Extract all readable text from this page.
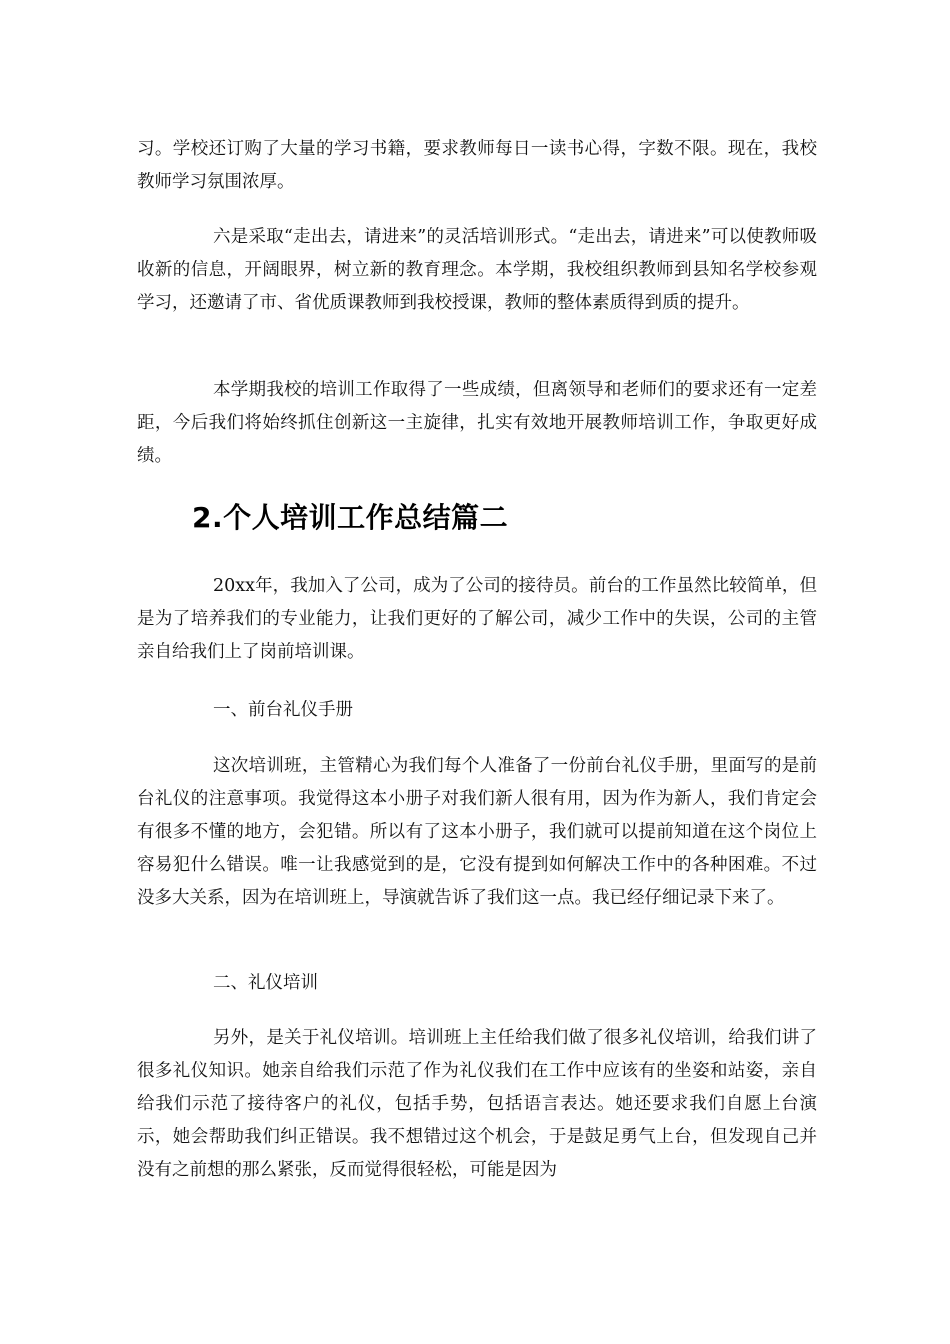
习。学校还订购了大量的学习书籍，要求教师每日一读书心得，字数不限。现在，我校教师学习氛围浓厚。

六是采取“走出去，请进来”的灵活培训形式。“走出去，请进来”可以使教师吸收新的信息，开阔眼界，树立新的教育理念。本学期，我校组织教师到县知名学校参观学习，还邀请了市、省优质课教师到我校授课，教师的整体素质得到质的提升。

本学期我校的培训工作取得了一些成绩，但离领导和老师们的要求还有一定差距，今后我们将始终抓住创新这一主旋律，扎实有效地开展教师培训工作，争取更好成绩。

2.个人培训工作总结篇二

20xx年，我加入了公司，成为了公司的接待员。前台的工作虽然比较简单，但是为了培养我们的专业能力，让我们更好的了解公司，减少工作中的失误，公司的主管亲自给我们上了岗前培训课。

一、前台礼仪手册

这次培训班，主管精心为我们每个人准备了一份前台礼仪手册，里面写的是前台礼仪的注意事项。我觉得这本小册子对我们新人很有用，因为作为新人，我们肯定会有很多不懂的地方，会犯错。所以有了这本小册子，我们就可以提前知道在这个岗位上容易犯什么错误。唯一让我感觉到的是，它没有提到如何解决工作中的各种困难。不过没多大关系，因为在培训班上，导演就告诉了我们这一点。我已经仔细记录下来了。

二、礼仪培训

另外，是关于礼仪培训。培训班上主任给我们做了很多礼仪培训，给我们讲了很多礼仪知识。她亲自给我们示范了作为礼仪我们在工作中应该有的坐姿和站姿，亲自给我们示范了接待客户的礼仪，包括手势，包括语言表达。她还要求我们自愿上台演示，她会帮助我们纠正错误。我不想错过这个机会，于是鼓足勇气上台，但发现自己并没有之前想的那么紧张，反而觉得很轻松，可能是因为
